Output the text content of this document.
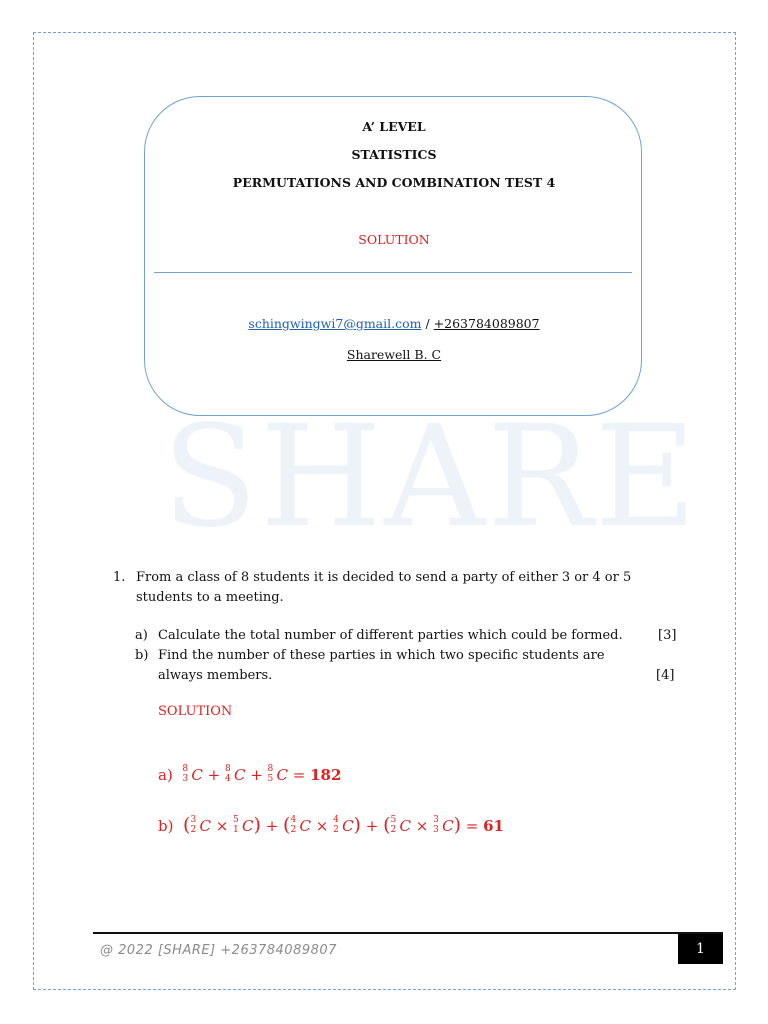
A’ LEVEL
STATISTICS
PERMUTATIONS AND COMBINATION TEST 4
SOLUTION
schingwingwi7@gmail.com / +263784089807
Sharewell B. C
SHARE
1. From a class of 8 students it is decided to send a party of either 3 or 4 or 5 students to a meeting.
a) Calculate the total number of different parties which could be formed.	[3]
b) Find the number of these parties in which two specific students are always members.	[4]
SOLUTION
a) 8
3 C + 8
4 C + 8
5 C = 182
b) ( 3
2 C × 5
1 C) + ( 4
2 C × 4
2 C) + ( 5
2 C × 3
3 C) = 61
@ 2022 [SHARE] +263784089807	1
